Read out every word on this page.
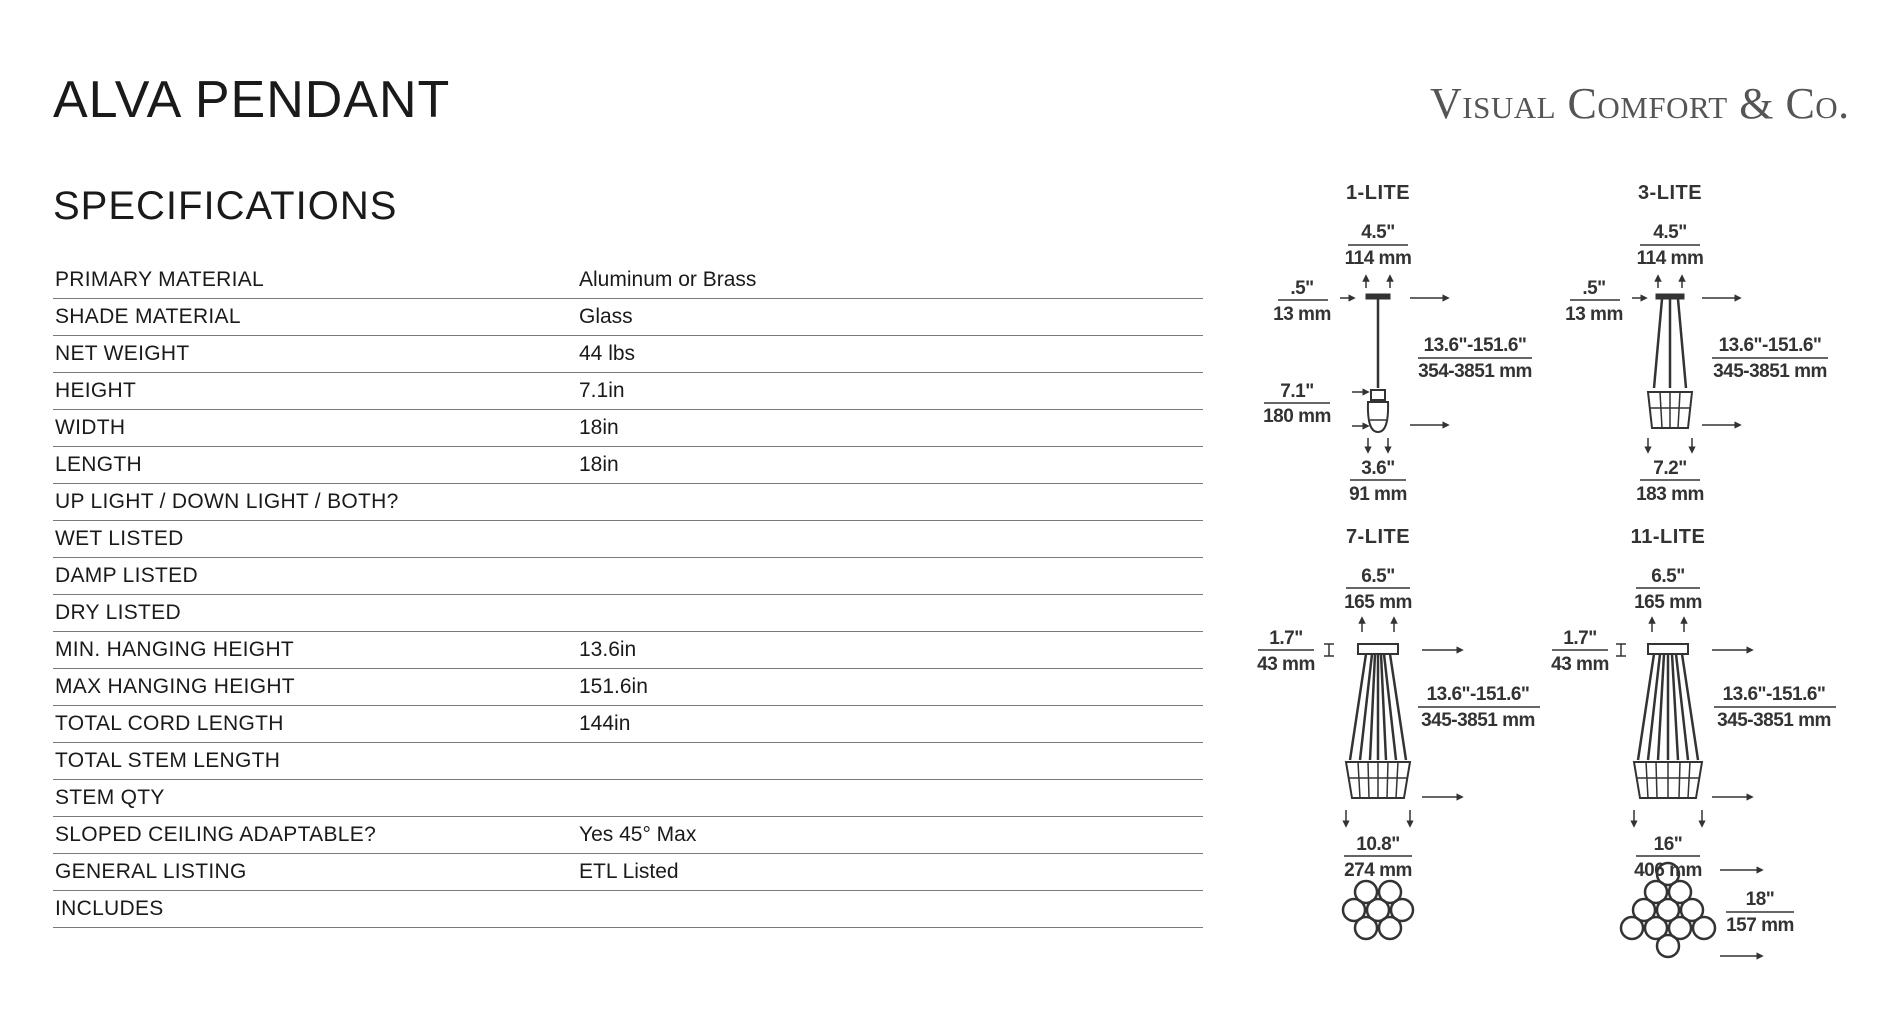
ALVA PENDANT	Visual Comfort & Co.
SPECIFICATIONS
PRIMARY MATERIAL	Aluminum or Brass
SHADE MATERIAL	Glass
NET WEIGHT	44 lbs
HEIGHT	7.1in
WIDTH	18in
LENGTH	18in
UP LIGHT / DOWN LIGHT / BOTH?	
WET LISTED	
DAMP LISTED	
DRY LISTED	
MIN. HANGING HEIGHT	13.6in
MAX HANGING HEIGHT	151.6in
TOTAL CORD LENGTH	144in
TOTAL STEM LENGTH	
STEM QTY	
SLOPED CEILING ADAPTABLE?	Yes 45° Max
GENERAL LISTING	ETL Listed
INCLUDES	
1-LITE
4.5"
114 mm
.5"
13 mm
13.6"-151.6"
354-3851 mm
7.1"
180 mm
3.6"
91 mm
3-LITE
4.5"
114 mm
.5"
13 mm
13.6"-151.6"
345-3851 mm
7.2"
183 mm
7-LITE
6.5"
165 mm
1.7"
43 mm
13.6"-151.6"
345-3851 mm
10.8"
274 mm
11-LITE
6.5"
165 mm
1.7"
43 mm
13.6"-151.6"
345-3851 mm
16"
406 mm
18"
157 mm
